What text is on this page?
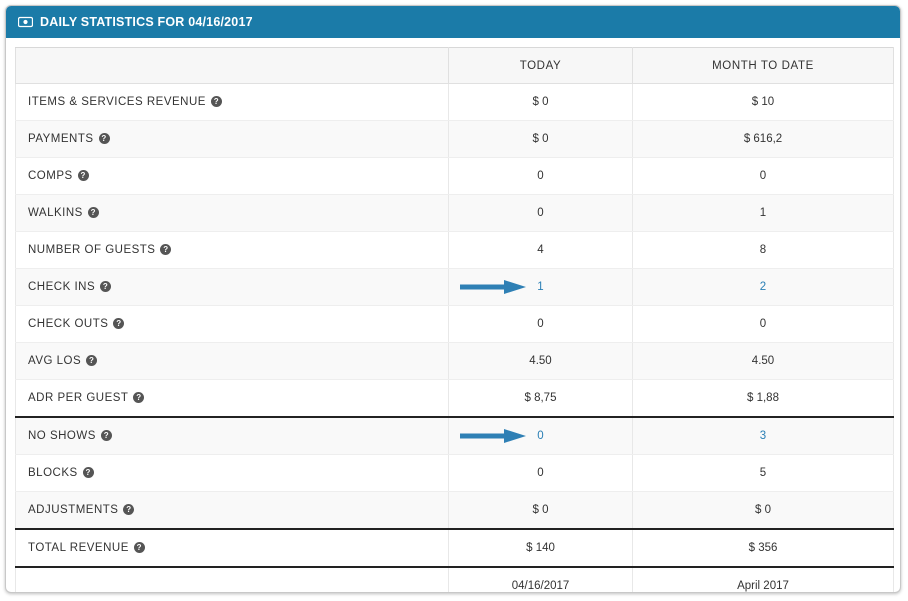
DAILY STATISTICS FOR 04/16/2017
	TODAY	MONTH TO DATE
ITEMS & SERVICES REVENUE ?	$ 0	$ 10
PAYMENTS ?	$ 0	$ 616,2
COMPS ?	0	0
WALKINS ?	0	1
NUMBER OF GUESTS ?	4	8
CHECK INS ?	1	2
CHECK OUTS ?	0	0
AVG LOS ?	4.50	4.50
ADR PER GUEST ?	$ 8,75	$ 1,88
NO SHOWS ?	0	3
BLOCKS ?	0	5
ADJUSTMENTS ?	$ 0	$ 0
TOTAL REVENUE ?	$ 140	$ 356
	04/16/2017	April 2017
